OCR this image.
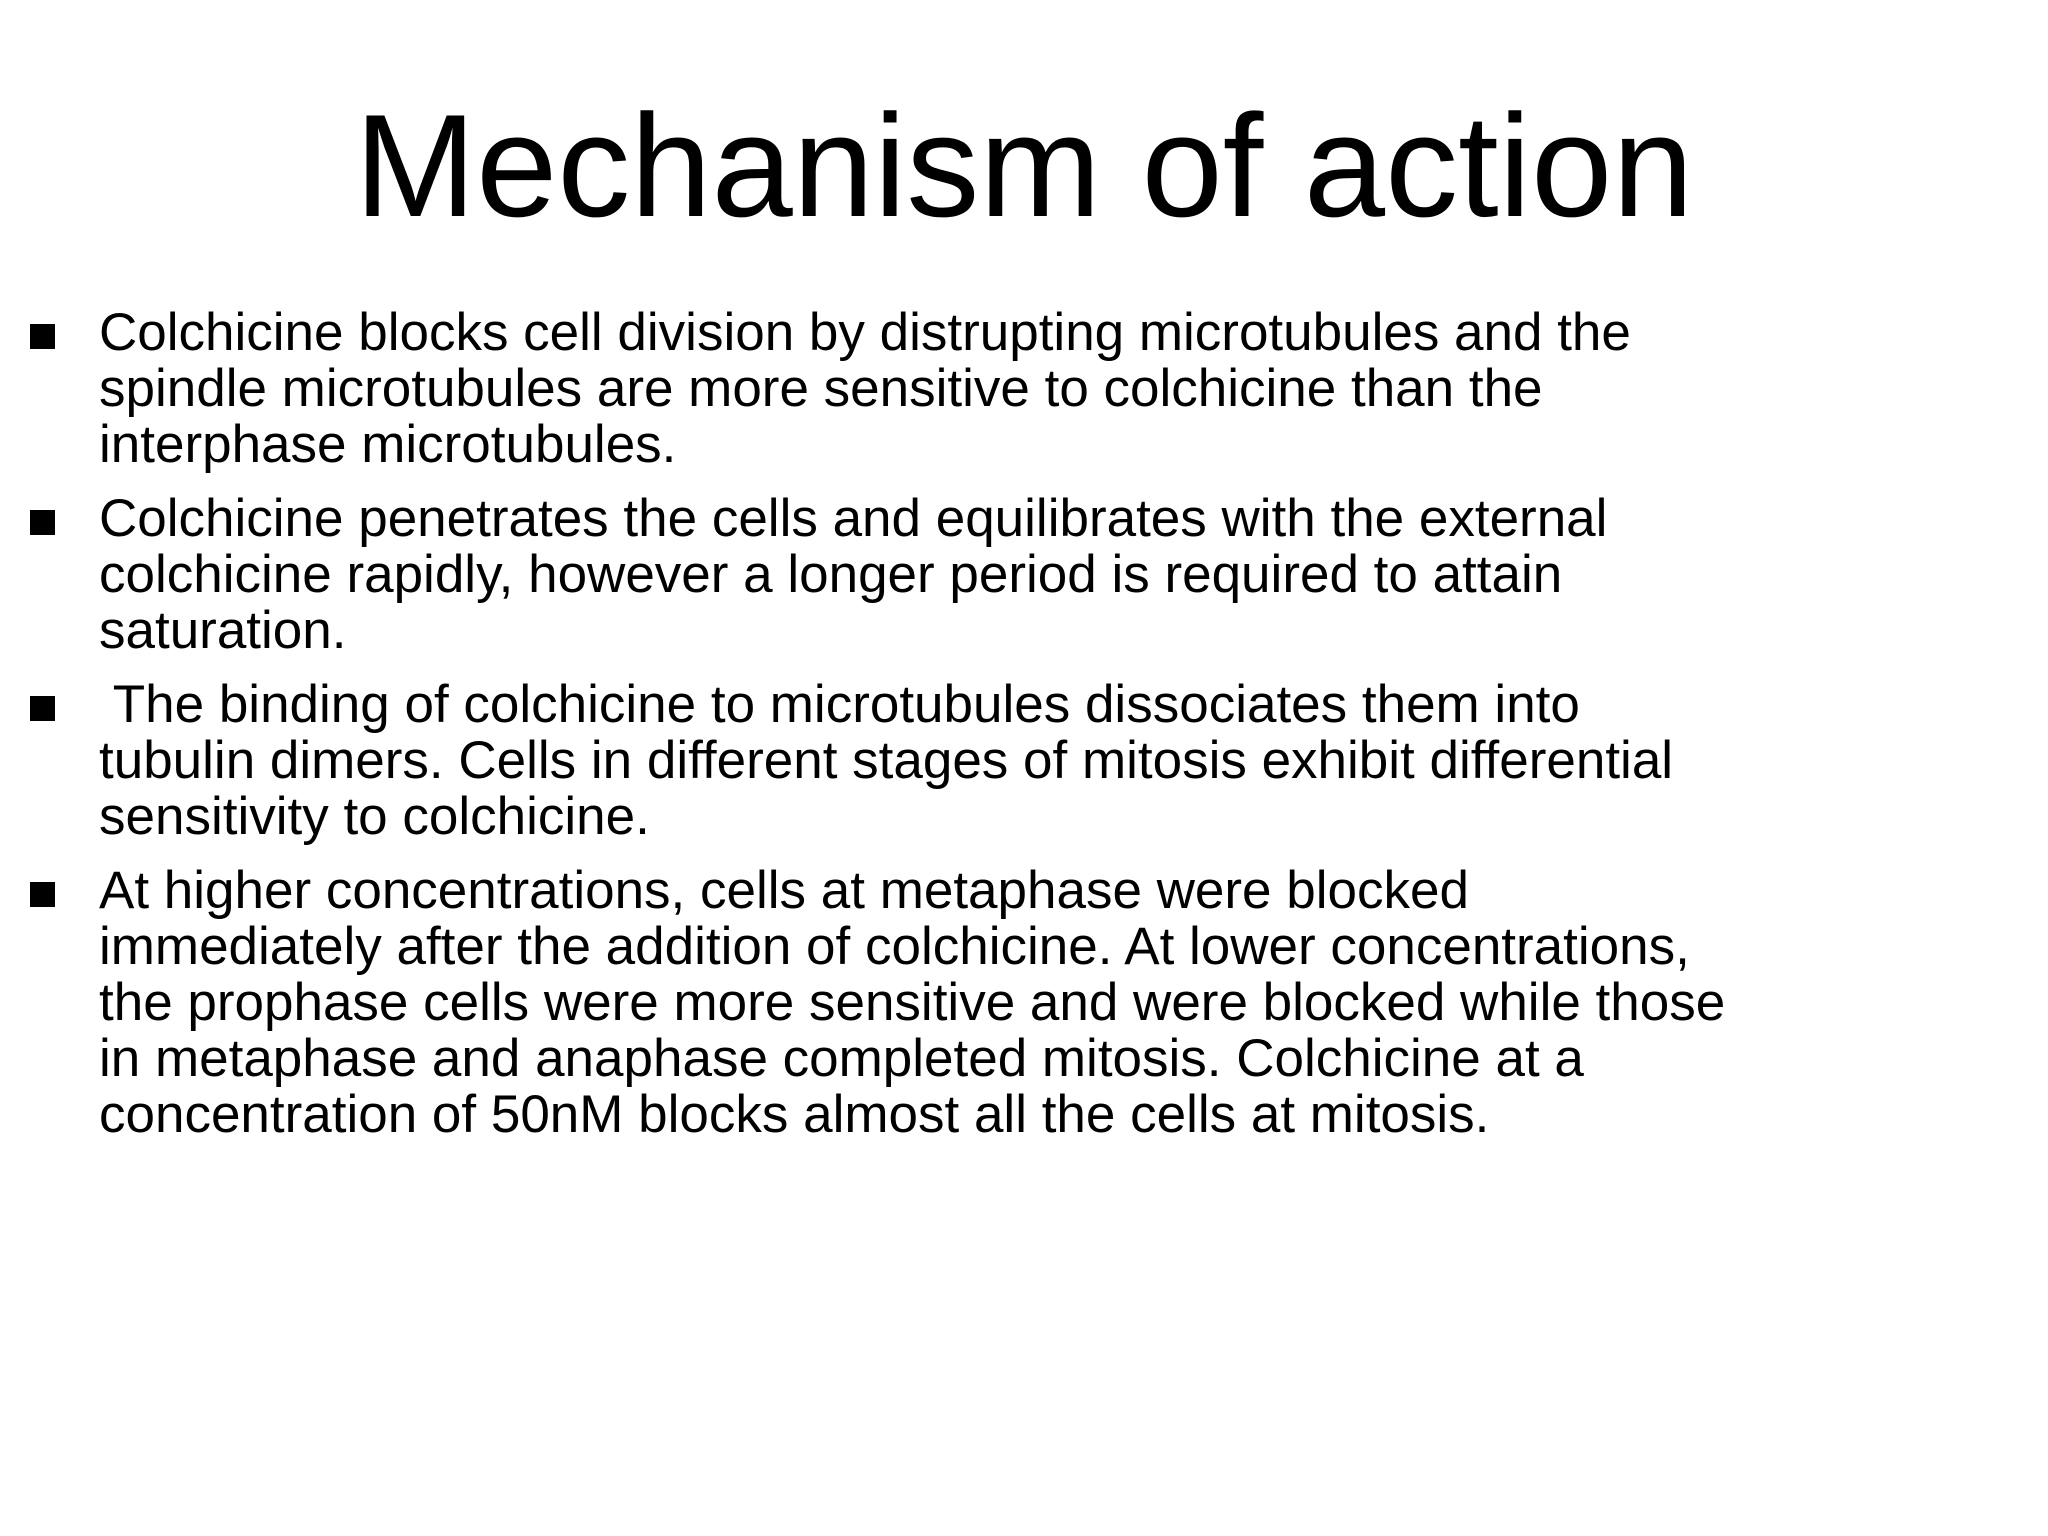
Mechanism of action
Colchicine blocks cell division by distrupting microtubules and the
spindle microtubules are more sensitive to colchicine than the
interphase microtubules.
Colchicine penetrates the cells and equilibrates with the external
colchicine rapidly, however a longer period is required to attain
saturation.
The binding of colchicine to microtubules dissociates them into
tubulin dimers. Cells in different stages of mitosis exhibit differential
sensitivity to colchicine.
At higher concentrations, cells at metaphase were blocked
immediately after the addition of colchicine. At lower concentrations,
the prophase cells were more sensitive and were blocked while those
in metaphase and anaphase completed mitosis. Colchicine at a
concentration of 50nM blocks almost all the cells at mitosis.
